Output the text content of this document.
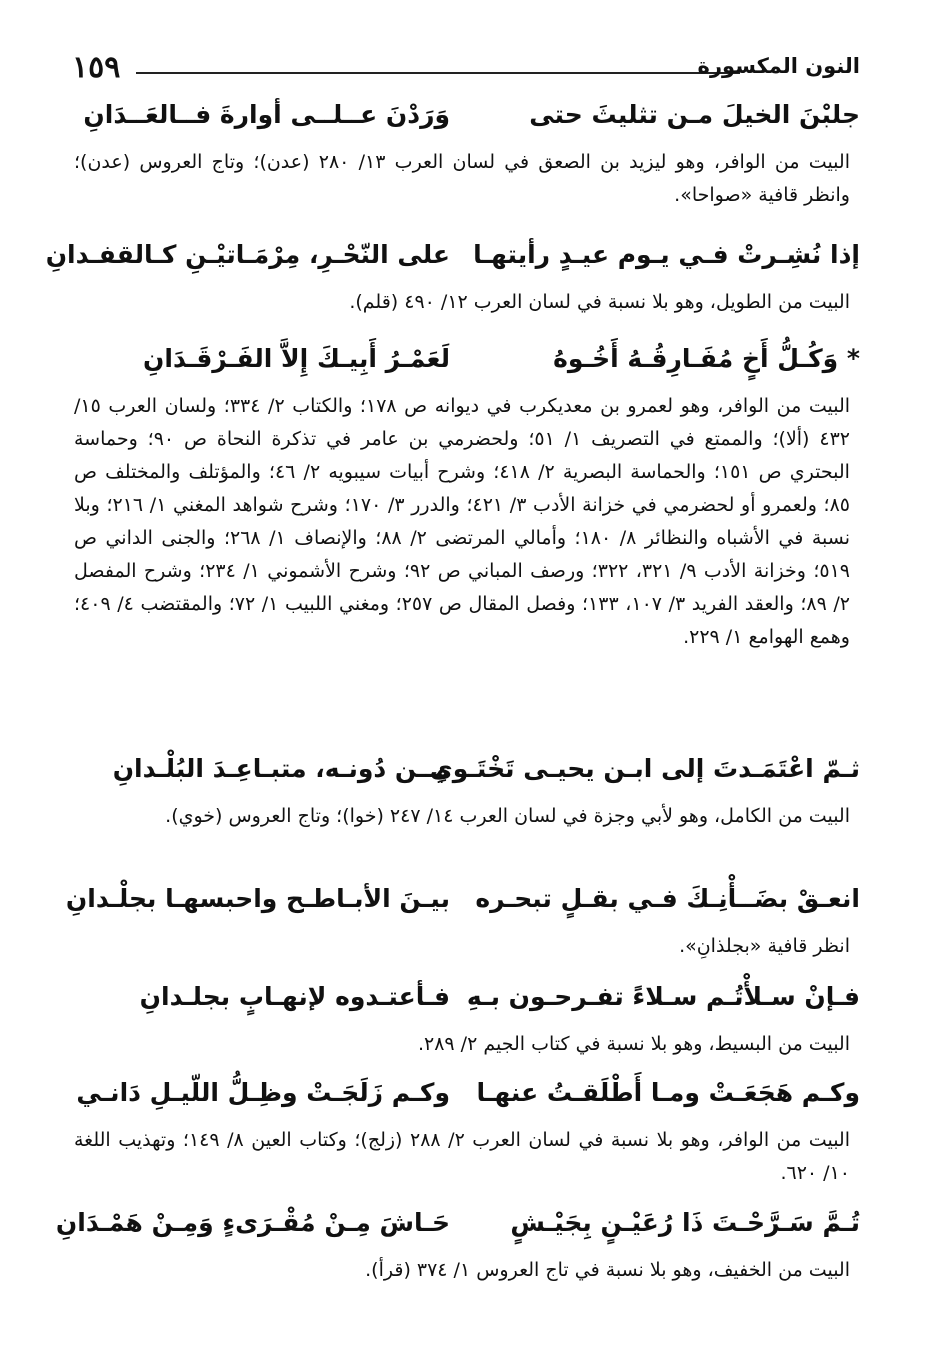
١٥٩	النون المكسورة
جلبْنَ الخيلَ مـن تثليثَ حتى
وَرَدْنَ عــلــى أوارةَ فــالعَــدَانِ

البيت من الوافر، وهو ليزيد بن الصعق في لسان العرب ١٣/ ٢٨٠ (عدن)؛ وتاج العروس (عدن)؛ وانظر قافية «صواحا».

إذا نُشِـرتْ فـي يـوم عيـدٍ رأيتهـا
على النّحْـرِ، مِرْمَـاتيْـنِ كـالقفـدانِ

البيت من الطويل، وهو بلا نسبة في لسان العرب ١٢/ ٤٩٠ (قلم).

* وَكُـلُّ أَخٍ مُفَـارِقُـهُ أَخُـوهُ
لَعَمْـرُ أَبِيـكَ إِلاَّ الفَـرْقَـدَانِ

البيت من الوافر، وهو لعمرو بن معديكرب في ديوانه ص ١٧٨؛ والكتاب ٢/ ٣٣٤؛ ولسان العرب ١٥/ ٤٣٢ (ألا)؛ والممتع في التصريف ١/ ٥١؛ ولحضرمي بن عامر في تذكرة النحاة ص ٩٠؛ وحماسة البحتري ص ١٥١؛ والحماسة البصرية ٢/ ٤١٨؛ وشرح أبيات سيبويه ٢/ ٤٦؛ والمؤتلف والمختلف ص ٨٥؛ ولعمرو أو لحضرمي في خزانة الأدب ٣/ ٤٢١؛ والدرر ٣/ ١٧٠؛ وشرح شواهد المغني ١/ ٢١٦؛ وبلا نسبة في الأشباه والنظائر ٨/ ١٨٠؛ وأمالي المرتضى ٢/ ٨٨؛ والإنصاف ١/ ٢٦٨؛ والجنى الداني ص ٥١٩؛ وخزانة الأدب ٩/ ٣٢١، ٣٢٢؛ ورصف المباني ص ٩٢؛ وشرح الأشموني ١/ ٢٣٤؛ وشرح المفصل ٢/ ٨٩؛ والعقد الفريد ٣/ ١٠٧، ١٣٣؛ وفصل المقال ص ٢٥٧؛ ومغني اللبيب ١/ ٧٢؛ والمقتضب ٤/ ٤٠٩؛ وهمع الهوامع ١/ ٢٢٩.

ثـمّ اعْتَمَـدتَ إلى ابـن يحيـى تَخْتَـوي
مِــن دُونـه، متبـاعِـدَ البُلْـدانِ

البيت من الكامل، وهو لأبي وجزة في لسان العرب ١٤/ ٢٤٧ (خوا)؛ وتاج العروس (خوي).

انعـقْ بضَــأْنِـكَ فـي بقـلٍ تبحـره
بيـنَ الأبـاطـح واحبسهـا بجلْـدانِ

انظر قافية «بجلذانِ».

فـإنْ سـلأْتُـم سـلاءً تفـرحـون بـهِ
فـأعتـدوه لإنهـابٍ بجلـدانِ

البيت من البسيط، وهو بلا نسبة في كتاب الجيم ٢/ ٢٨٩.

وكـم هَجَعَـتْ ومـا أَطْلَقـتُ عنهـا
وكـم زَلَجَـتْ وظِـلُّ اللّيـلِ دَانـي

البيت من الوافر، وهو بلا نسبة في لسان العرب ٢/ ٢٨٨ (زلج)؛ وكتاب العين ٨/ ١٤٩؛ وتهذيب اللغة ١٠/ ٦٢٠.

تُـمَّ سَـرَّحْـتَ ذَا رُعَيْـنٍ بِجَيْـشٍ
حَـاشَ مِـنْ مُقْـرَىءٍ وَمِـنْ هَمْـدَانِ

البيت من الخفيف، وهو بلا نسبة في تاج العروس ١/ ٣٧٤ (قرأ).
